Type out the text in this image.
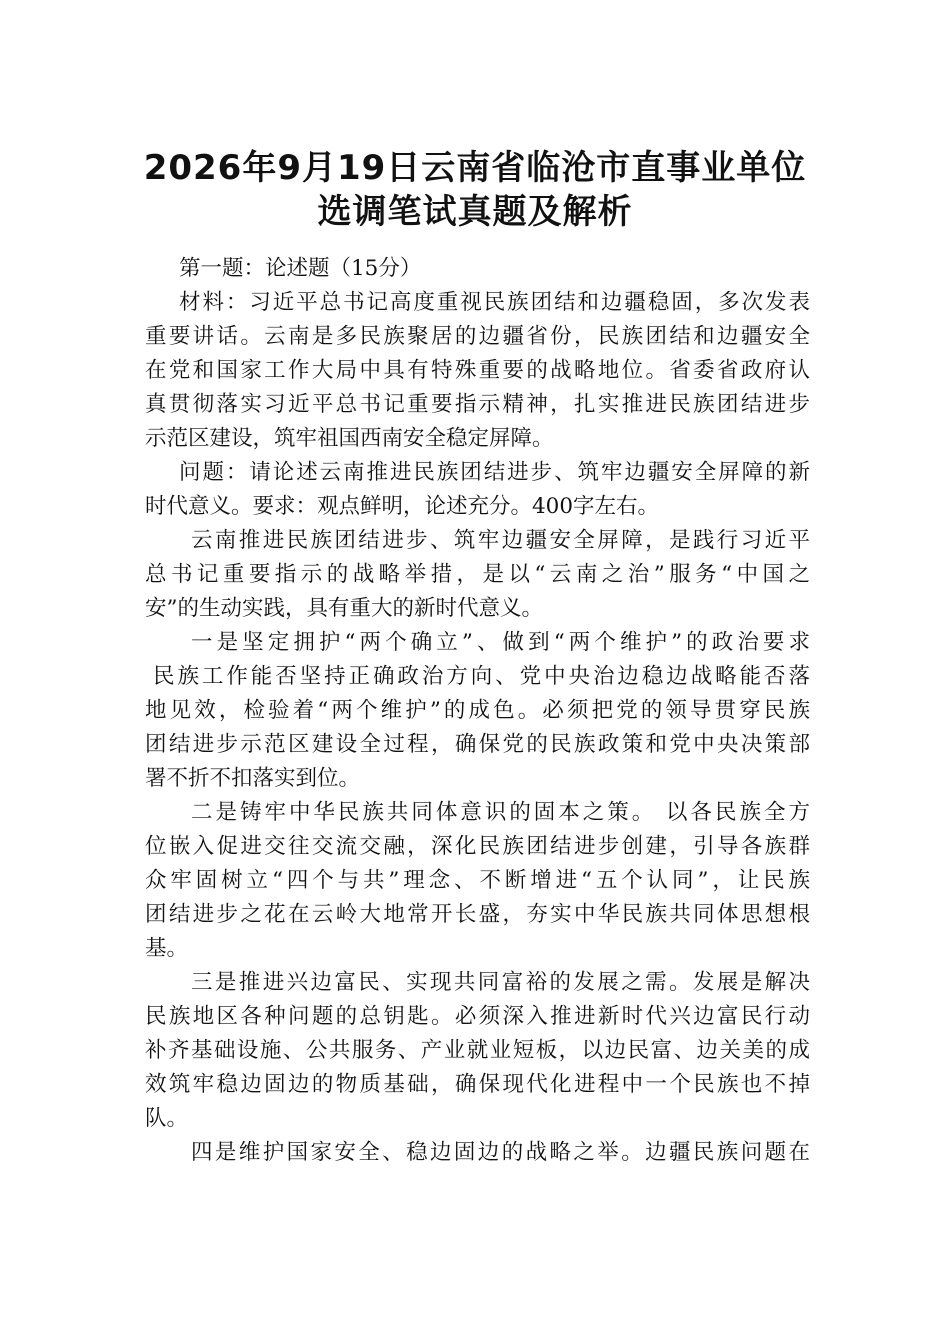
2026年9月19日云南省临沧市直事业单位
选调笔试真题及解析
第一题：论述题（15分）
材料：习近平总书记高度重视民族团结和边疆稳固，多次发表
重要讲话。云南是多民族聚居的边疆省份，民族团结和边疆安全
在党和国家工作大局中具有特殊重要的战略地位。省委省政府认
真贯彻落实习近平总书记重要指示精神，扎实推进民族团结进步
示范区建设，筑牢祖国西南安全稳定屏障。
问题：请论述云南推进民族团结进步、筑牢边疆安全屏障的新
时代意义。要求：观点鲜明，论述充分。400字左右。
云南推进民族团结进步、筑牢边疆安全屏障，是践行习近平
总书记重要指示的战略举措，是以“云南之治”服务“中国之
安”的生动实践，具有重大的新时代意义。
一是坚定拥护“两个确立”、做到“两个维护”的政治要求
民族工作能否坚持正确政治方向、党中央治边稳边战略能否落
地见效，检验着“两个维护”的成色。必须把党的领导贯穿民族
团结进步示范区建设全过程，确保党的民族政策和党中央决策部
署不折不扣落实到位。
二是铸牢中华民族共同体意识的固本之策。 以各民族全方
位嵌入促进交往交流交融，深化民族团结进步创建，引导各族群
众牢固树立“四个与共”理念、不断增进“五个认同”，让民族
团结进步之花在云岭大地常开长盛，夯实中华民族共同体思想根
基。
三是推进兴边富民、实现共同富裕的发展之需。发展是解决
民族地区各种问题的总钥匙。必须深入推进新时代兴边富民行动
补齐基础设施、公共服务、产业就业短板，以边民富、边关美的成
效筑牢稳边固边的物质基础，确保现代化进程中一个民族也不掉
队。
四是维护国家安全、稳边固边的战略之举。边疆民族问题在
